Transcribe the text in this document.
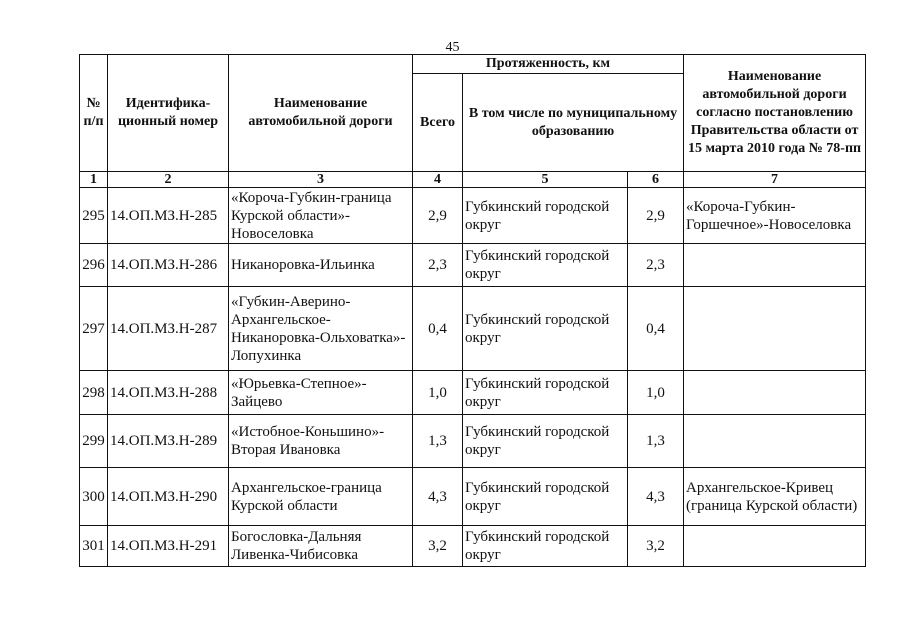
45
№ п/п	Идентифика-ционный номер	Наименование автомобильной дороги	Протяженность, км			Наименование автомобильной дороги согласно постановлению Правительства области от 15 марта 2010 года № 78-пп
			Всего	В том числе по муниципальному образованию		
1	2	3	4	5	6	7
295	14.ОП.МЗ.Н-285	«Короча-Губкин-граница Курской области»-Новоселовка	2,9	Губкинский городской округ	2,9	«Короча-Губкин-Горшечное»-Новоселовка
296	14.ОП.МЗ.Н-286	Никаноровка-Ильинка	2,3	Губкинский городской округ	2,3	
297	14.ОП.МЗ.Н-287	«Губкин-Аверино-Архангельское-Никаноровка-Ольховатка»-Лопухинка	0,4	Губкинский городской округ	0,4	
298	14.ОП.МЗ.Н-288	«Юрьевка-Степное»-Зайцево	1,0	Губкинский городской округ	1,0	
299	14.ОП.МЗ.Н-289	«Истобное-Коньшино»-Вторая Ивановка	1,3	Губкинский городской округ	1,3	
300	14.ОП.МЗ.Н-290	Архангельское-граница Курской области	4,3	Губкинский городской округ	4,3	Архангельское-Кривец (граница Курской области)
301	14.ОП.МЗ.Н-291	Богословка-Дальняя Ливенка-Чибисовка	3,2	Губкинский городской округ	3,2	
